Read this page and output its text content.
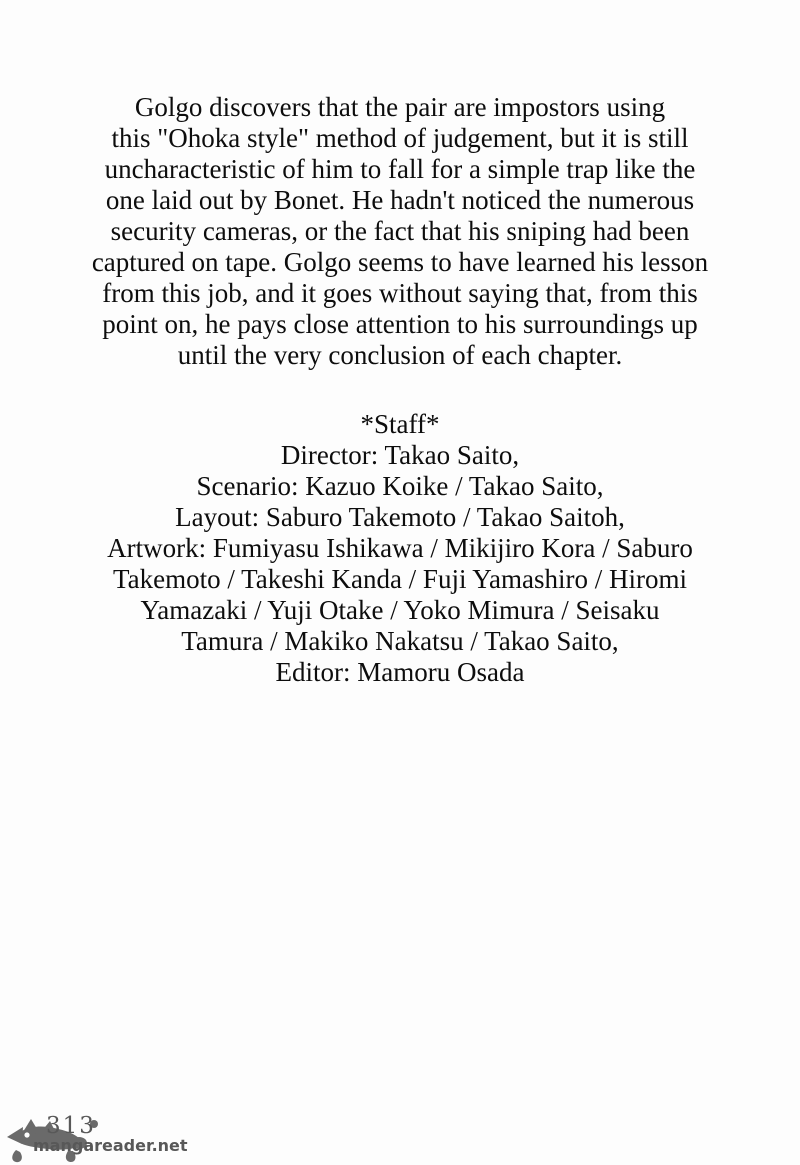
Golgo discovers that the pair are impostors using
this "Ohoka style" method of judgement, but it is still
uncharacteristic of him to fall for a simple trap like the
one laid out by Bonet. He hadn't noticed the numerous
security cameras, or the fact that his sniping had been
captured on tape. Golgo seems to have learned his lesson
from this job, and it goes without saying that, from this
point on, he pays close attention to his surroundings up
until the very conclusion of each chapter.
*Staff*
Director: Takao Saito,
Scenario: Kazuo Koike / Takao Saito,
Layout: Saburo Takemoto / Takao Saitoh,
Artwork: Fumiyasu Ishikawa / Mikijiro Kora / Saburo
Takemoto / Takeshi Kanda / Fuji Yamashiro / Hiromi
Yamazaki / Yuji Otake / Yoko Mimura / Seisaku
Tamura / Makiko Nakatsu / Takao Saito,
Editor: Mamoru Osada
313
mangareader.net
